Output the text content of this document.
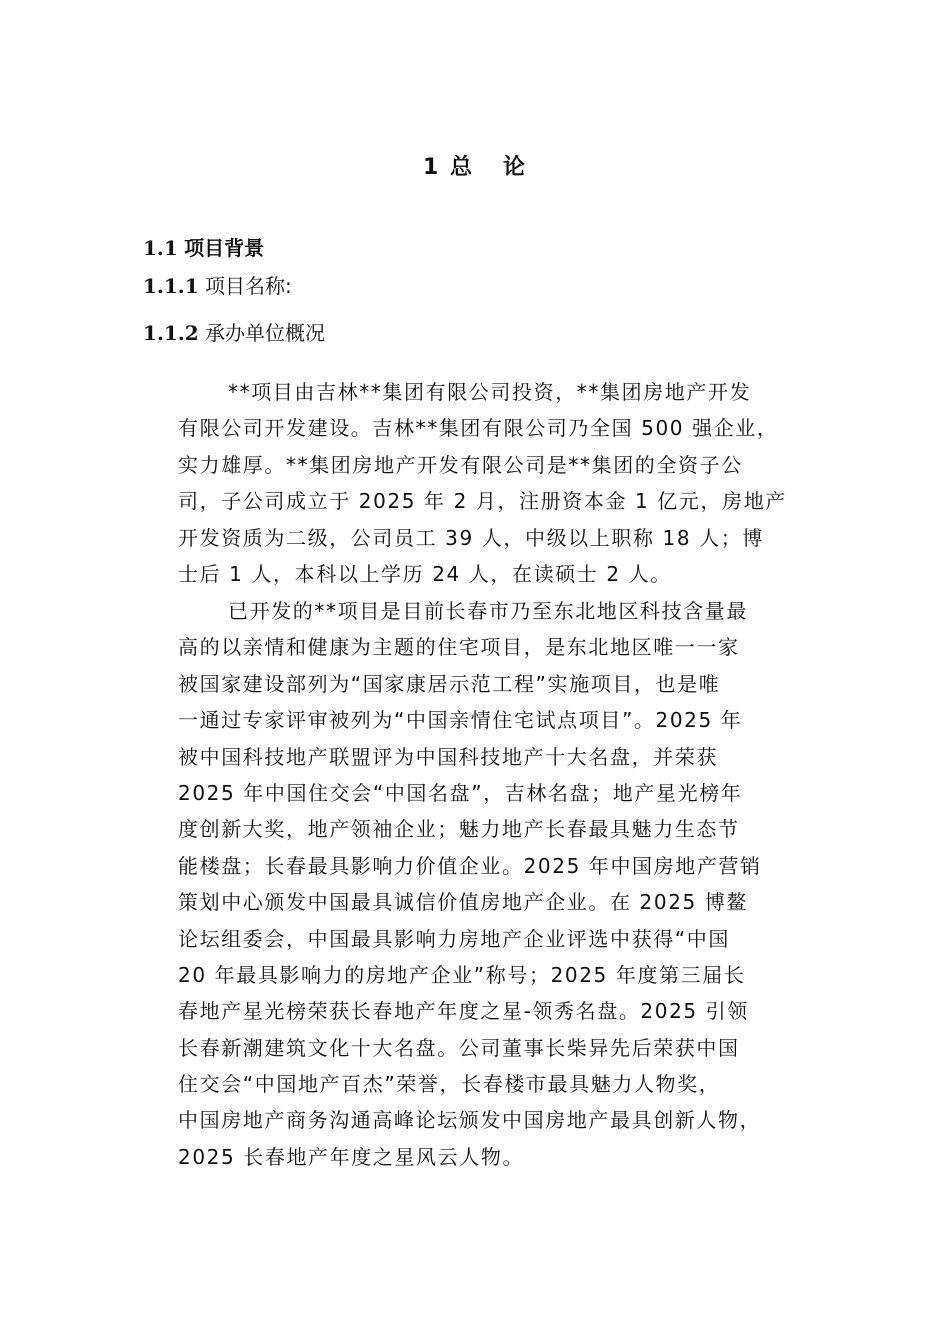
1 总   论
1.1 项目背景
1.1.1 项目名称:
1.1.2 承办单位概况
**项目由吉林**集团有限公司投资，**集团房地产开发
有限公司开发建设。吉林**集团有限公司乃全国 500 强企业，
实力雄厚。**集团房地产开发有限公司是**集团的全资子公
司，子公司成立于 2025 年 2 月，注册资本金 1 亿元，房地产
开发资质为二级，公司员工 39 人，中级以上职称 18 人；博
士后 1 人，本科以上学历 24 人，在读硕士 2 人。
已开发的**项目是目前长春市乃至东北地区科技含量最
高的以亲情和健康为主题的住宅项目，是东北地区唯一一家
被国家建设部列为“国家康居示范工程”实施项目，也是唯
一通过专家评审被列为“中国亲情住宅试点项目”。2025 年
被中国科技地产联盟评为中国科技地产十大名盘，并荣获
2025 年中国住交会“中国名盘”，吉林名盘；地产星光榜年
度创新大奖，地产领袖企业；魅力地产长春最具魅力生态节
能楼盘；长春最具影响力价值企业。2025 年中国房地产营销
策划中心颁发中国最具诚信价值房地产企业。在 2025 博鳌
论坛组委会，中国最具影响力房地产企业评选中获得“中国
20 年最具影响力的房地产企业”称号；2025 年度第三届长
春地产星光榜荣获长春地产年度之星-领秀名盘。2025 引领
长春新潮建筑文化十大名盘。公司董事长柴异先后荣获中国
住交会“中国地产百杰”荣誉，长春楼市最具魅力人物奖，
中国房地产商务沟通高峰论坛颁发中国房地产最具创新人物，
2025 长春地产年度之星风云人物。
